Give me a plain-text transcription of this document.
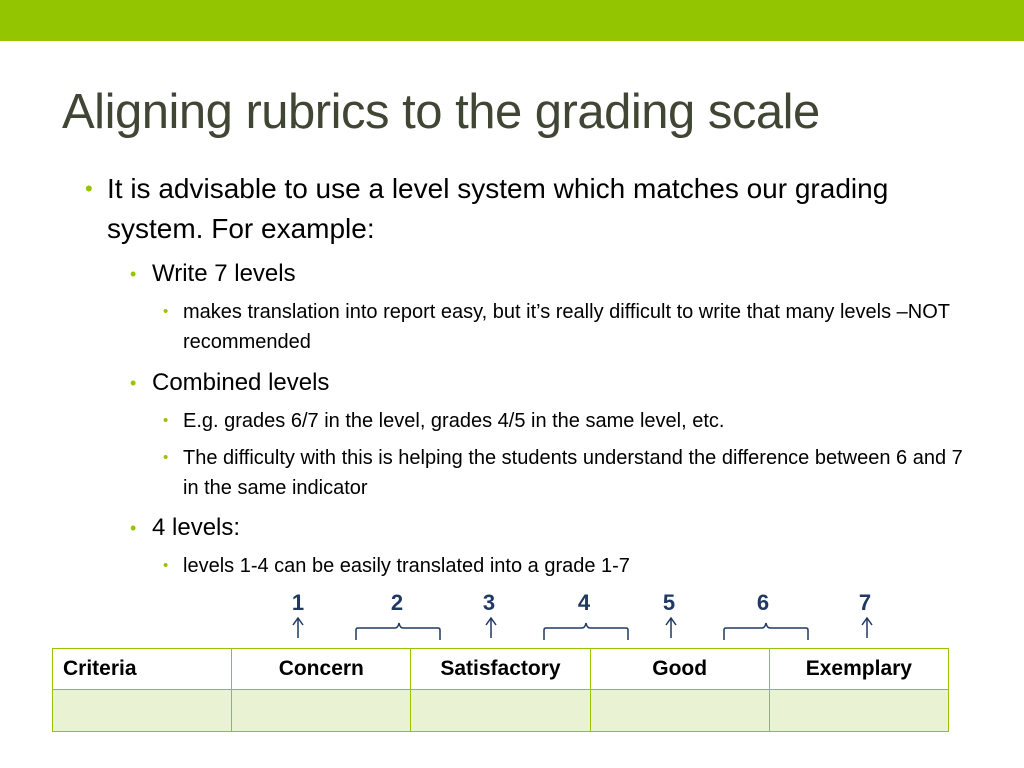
Aligning rubrics to the grading scale
• It is advisable to use a level system which matches our grading system. For example:
• Write 7 levels
• makes translation into report easy, but it’s really difficult to write that many levels –NOT recommended
• Combined levels
• E.g. grades 6/7 in the level, grades 4/5 in the same level, etc.
• The difficulty with this is helping the students understand the difference between 6 and 7 in the same indicator
• 4 levels:
• levels 1-4 can be easily translated into a grade 1-7
1	2	3	4	5	6	7
Criteria	Concern	Satisfactory	Good	Exemplary
